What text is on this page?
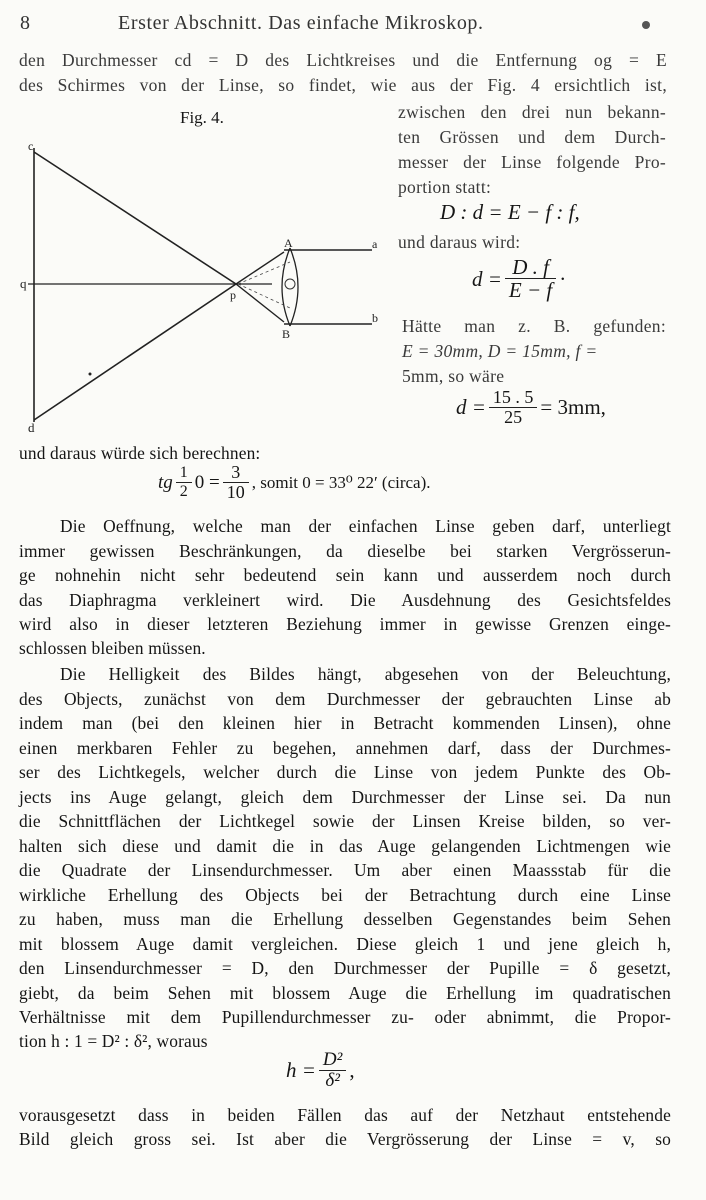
8	Erster Abschnitt. Das einfache Mikroskop.
den Durchmesser cd = D des Lichtkreises und die Entfernung og = E
des Schirmes von der Linse, so findet, wie aus der Fig. 4 ersichtlich ist,
Fig. 4.
c
d
q
p
A
B
a
b
zwischen den drei nun bekann-
ten Grössen und dem Durch-
messer der Linse folgende Pro-
portion statt:
D : d = E − f : f,
und daraus wird:
$d = \frac{D . f}{E - f}$ ·
Hätte man z. B. gefunden:
E = 30mm, D = 15mm, f =
5mm, so wäre
$d = \frac{15 . 5}{25} = 3mm$,
und daraus würde sich berechnen:
tg $\frac{1}{2} 0 = \frac{3}{10}$ , somit 0 = 33⁰ 22′ (circa).
Die Oeffnung, welche man der einfachen Linse geben darf, unterliegt
immer gewissen Beschränkungen, da dieselbe bei starken Vergrösserun-
ge nohnehin nicht sehr bedeutend sein kann und ausserdem noch durch
das Diaphragma verkleinert wird. Die Ausdehnung des Gesichtsfeldes
wird also in dieser letzteren Beziehung immer in gewisse Grenzen einge-
schlossen bleiben müssen.
Die Helligkeit des Bildes hängt, abgesehen von der Beleuchtung,
des Objects, zunächst von dem Durchmesser der gebrauchten Linse ab
indem man (bei den kleinen hier in Betracht kommenden Linsen), ohne
einen merkbaren Fehler zu begehen, annehmen darf, dass der Durchmes-
ser des Lichtkegels, welcher durch die Linse von jedem Punkte des Ob-
jects ins Auge gelangt, gleich dem Durchmesser der Linse sei. Da nun
die Schnittflächen der Lichtkegel sowie der Linsen Kreise bilden, so ver-
halten sich diese und damit die in das Auge gelangenden Lichtmengen wie
die Quadrate der Linsendurchmesser. Um aber einen Maassstab für die
wirkliche Erhellung des Objects bei der Betrachtung durch eine Linse
zu haben, muss man die Erhellung desselben Gegenstandes beim Sehen
mit blossem Auge damit vergleichen. Diese gleich 1 und jene gleich h,
den Linsendurchmesser = D, den Durchmesser der Pupille = δ gesetzt,
giebt, da beim Sehen mit blossem Auge die Erhellung im quadratischen
Verhältnisse mit dem Pupillendurchmesser zu- oder abnimmt, die Propor-
tion h : 1 = D² : δ², woraus
$h = \frac{\text{D²}}{\text{δ²}}$ ,
vorausgesetzt dass in beiden Fällen das auf der Netzhaut entstehende
Bild gleich gross sei. Ist aber die Vergrösserung der Linse = v, so
